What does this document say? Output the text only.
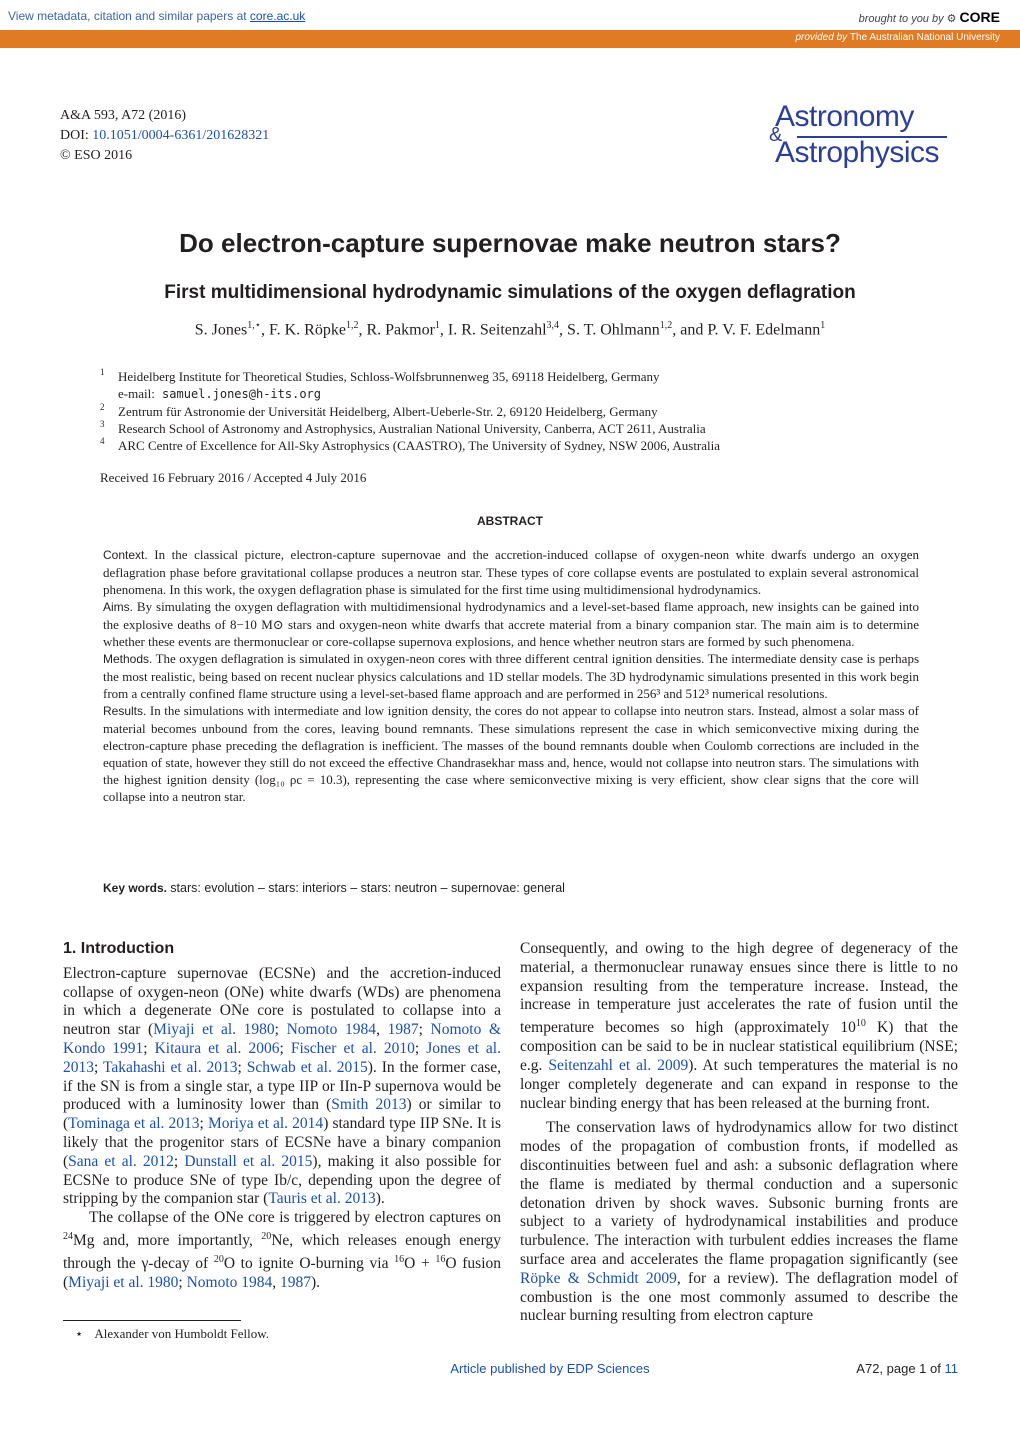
View metadata, citation and similar papers at core.ac.uk	brought to you by ⚙ CORE
provided by The Australian National University
A&A 593, A72 (2016)
DOI: 10.1051/0004-6361/201628321
© ESO 2016
Astronomy
&
Astrophysics
Do electron-capture supernovae make neutron stars?
First multidimensional hydrodynamic simulations of the oxygen deflagration
S. Jones$^{1,⋆}$, F. K. Röpke$^{1,2}$, R. Pakmor$^1$, I. R. Seitenzahl$^{3,4}$, S. T. Ohlmann$^{1,2}$, and P. V. F. Edelmann$^1$
1 Heidelberg Institute for Theoretical Studies, Schloss-Wolfsbrunnenweg 35, 69118 Heidelberg, Germany
e-mail: samuel.jones@h-its.org
2 Zentrum für Astronomie der Universität Heidelberg, Albert-Ueberle-Str. 2, 69120 Heidelberg, Germany
3 Research School of Astronomy and Astrophysics, Australian National University, Canberra, ACT 2611, Australia
4 ARC Centre of Excellence for All-Sky Astrophysics (CAASTRO), The University of Sydney, NSW 2006, Australia
Received 16 February 2016 / Accepted 4 July 2016
ABSTRACT

Context. In the classical picture, electron-capture supernovae and the accretion-induced collapse of oxygen-neon white dwarfs undergo an oxygen deflagration phase before gravitational collapse produces a neutron star. These types of core collapse events are postulated to explain several astronomical phenomena. In this work, the oxygen deflagration phase is simulated for the first time using multidimensional hydrodynamics.

Aims. By simulating the oxygen deflagration with multidimensional hydrodynamics and a level-set-based flame approach, new insights can be gained into the explosive deaths of 8−10 M⊙ stars and oxygen-neon white dwarfs that accrete material from a binary companion star. The main aim is to determine whether these events are thermonuclear or core-collapse supernova explosions, and hence whether neutron stars are formed by such phenomena.

Methods. The oxygen deflagration is simulated in oxygen-neon cores with three different central ignition densities. The intermediate density case is perhaps the most realistic, being based on recent nuclear physics calculations and 1D stellar models. The 3D hydrodynamic simulations presented in this work begin from a centrally confined flame structure using a level-set-based flame approach and are performed in 256³ and 512³ numerical resolutions.

Results. In the simulations with intermediate and low ignition density, the cores do not appear to collapse into neutron stars. Instead, almost a solar mass of material becomes unbound from the cores, leaving bound remnants. These simulations represent the case in which semiconvective mixing during the electron-capture phase preceding the deflagration is inefficient. The masses of the bound remnants double when Coulomb corrections are included in the equation of state, however they still do not exceed the effective Chandrasekhar mass and, hence, would not collapse into neutron stars. The simulations with the highest ignition density (log₁₀ ρc = 10.3), representing the case where semiconvective mixing is very efficient, show clear signs that the core will collapse into a neutron star.

Key words. stars: evolution – stars: interiors – stars: neutron – supernovae: general
1. Introduction

Electron-capture supernovae (ECSNe) and the accretion-induced collapse of oxygen-neon (ONe) white dwarfs (WDs) are phenomena in which a degenerate ONe core is postulated to collapse into a neutron star (Miyaji et al. 1980; Nomoto 1984, 1987; Nomoto & Kondo 1991; Kitaura et al. 2006; Fischer et al. 2010; Jones et al. 2013; Takahashi et al. 2013; Schwab et al. 2015). In the former case, if the SN is from a single star, a type IIP or IIn-P supernova would be produced with a luminosity lower than (Smith 2013) or similar to (Tominaga et al. 2013; Moriya et al. 2014) standard type IIP SNe. It is likely that the progenitor stars of ECSNe have a binary companion (Sana et al. 2012; Dunstall et al. 2015), making it also possible for ECSNe to produce SNe of type Ib/c, depending upon the degree of stripping by the companion star (Tauris et al. 2013).

The collapse of the ONe core is triggered by electron captures on $^{24}$Mg and, more importantly, $^{20}$Ne, which releases enough energy through the γ-decay of $^{20}$O to ignite O-burning via $^{16}$O + $^{16}$O fusion (Miyaji et al. 1980; Nomoto 1984, 1987).

Consequently, and owing to the high degree of degeneracy of the material, a thermonuclear runaway ensues since there is little to no expansion resulting from the temperature increase. Instead, the increase in temperature just accelerates the rate of fusion until the temperature becomes so high (approximately $10^{10}$ K) that the composition can be said to be in nuclear statistical equilibrium (NSE; e.g. Seitenzahl et al. 2009). At such temperatures the material is no longer completely degenerate and can expand in response to the nuclear binding energy that has been released at the burning front.

The conservation laws of hydrodynamics allow for two distinct modes of the propagation of combustion fronts, if modelled as discontinuities between fuel and ash: a subsonic deflagration where the flame is mediated by thermal conduction and a supersonic detonation driven by shock waves. Subsonic burning fronts are subject to a variety of hydrodynamical instabilities and produce turbulence. The interaction with turbulent eddies increases the flame surface area and accelerates the flame propagation significantly (see Röpke & Schmidt 2009, for a review). The deflagration model of combustion is the one most commonly assumed to describe the nuclear burning resulting from electron capture

⋆ Alexander von Humboldt Fellow.
Article published by EDP Sciences	A72, page 1 of 11
